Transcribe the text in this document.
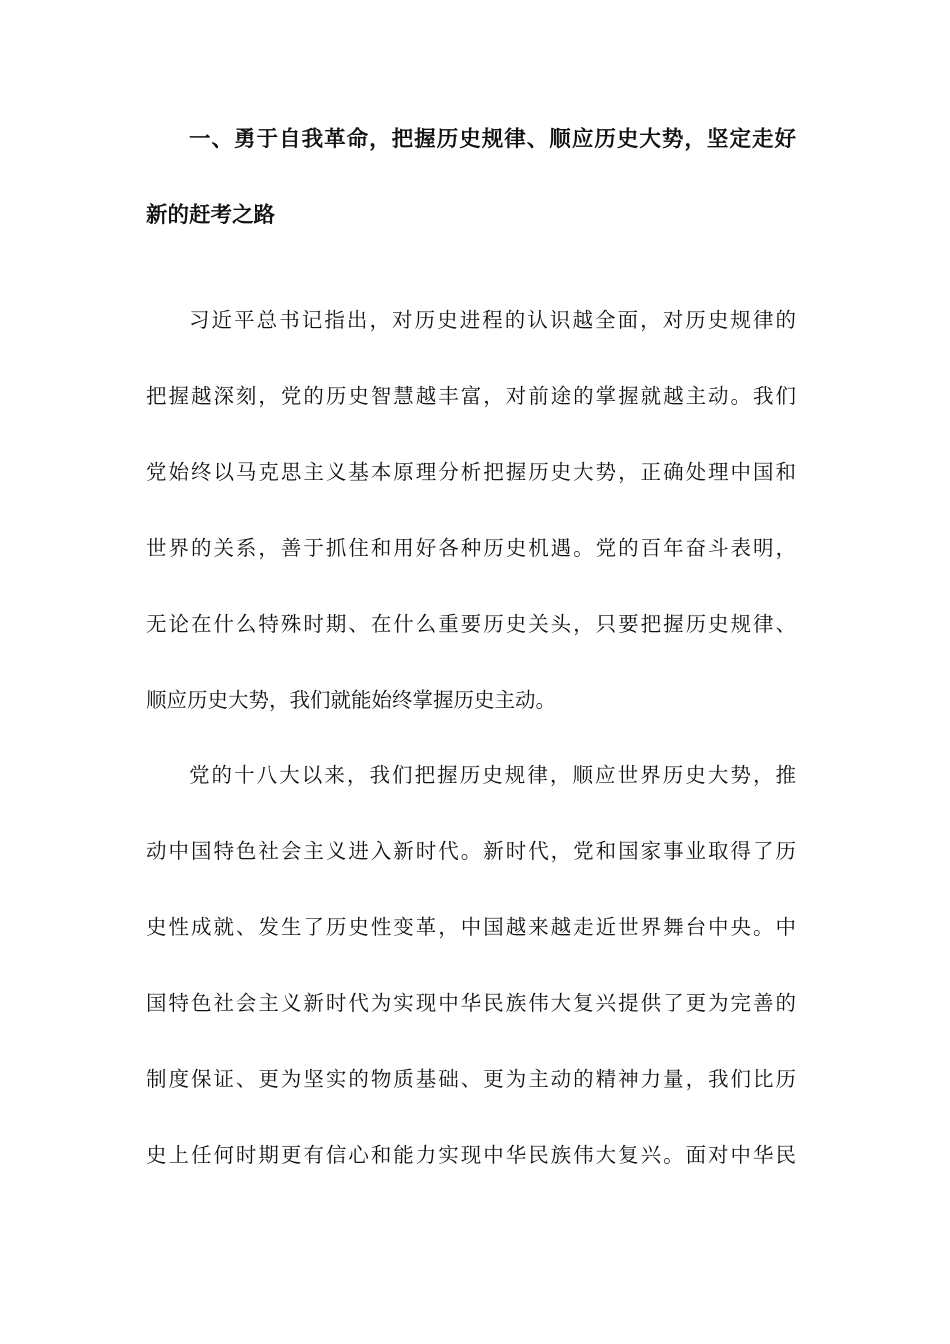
一、勇于自我革命，把握历史规律、顺应历史大势，坚定走好
新的赶考之路
习近平总书记指出，对历史进程的认识越全面，对历史规律的
把握越深刻，党的历史智慧越丰富，对前途的掌握就越主动。我们
党始终以马克思主义基本原理分析把握历史大势，正确处理中国和
世界的关系，善于抓住和用好各种历史机遇。党的百年奋斗表明，
无论在什么特殊时期、在什么重要历史关头，只要把握历史规律、
顺应历史大势，我们就能始终掌握历史主动。
党的十八大以来，我们把握历史规律，顺应世界历史大势，推
动中国特色社会主义进入新时代。新时代，党和国家事业取得了历
史性成就、发生了历史性变革，中国越来越走近世界舞台中央。中
国特色社会主义新时代为实现中华民族伟大复兴提供了更为完善的
制度保证、更为坚实的物质基础、更为主动的精神力量，我们比历
史上任何时期更有信心和能力实现中华民族伟大复兴。面对中华民
